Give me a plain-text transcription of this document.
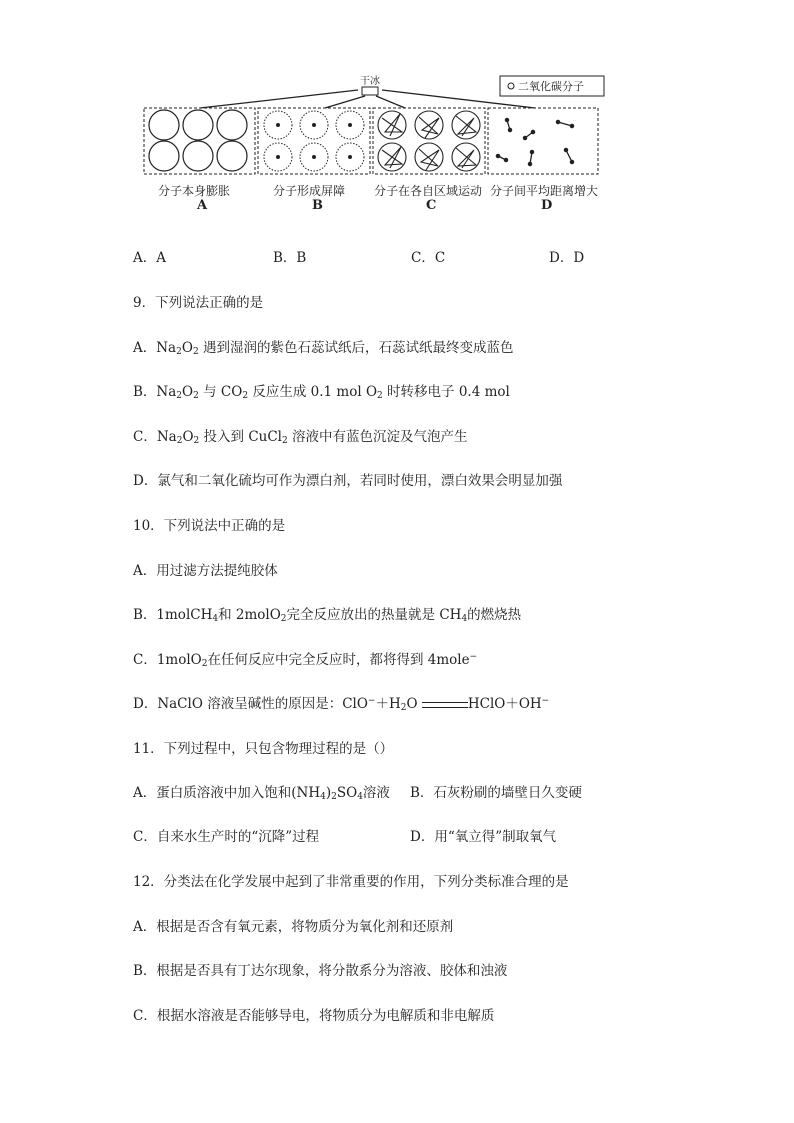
干冰	二氧化碳分子
分子本身膨胀
A
分子形成屏障
B
分子在各自区域运动
C
分子间平均距离增大
D
A．A	B．B	C．C	D．D
9．下列说法正确的是
A．$Na_2O_2$ 遇到湿润的紫色石蕊试纸后，石蕊试纸最终变成蓝色
B．$Na_2O_2$ 与 $CO_2$ 反应生成 0.1 mol $O_2$ 时转移电子 0.4 mol
C．$Na_2O_2$ 投入到 CuCl$_2$ 溶液中有蓝色沉淀及气泡产生
D．氯气和二氧化硫均可作为漂白剂，若同时使用，漂白效果会明显加强
10．下列说法中正确的是
A．用过滤方法提纯胶体
B．1molCH$_4$和 2molO$_2$完全反应放出的热量就是 $CH_4$的燃烧热
C．1molO$_2$在任何反应中完全反应时，都将得到 4mole−
D．NaClO 溶液呈碱性的原因是：$ClO^-+H_2O$	HClO＋OH−
11．下列过程中，只包含物理过程的是（）
A．蛋白质溶液中加入饱和$(NH_4)_2SO_4$溶液 B．石灰粉刷的墙壁日久变硬
C．自来水生产时的“沉降”过程	D．用“氧立得”制取氧气
12．分类法在化学发展中起到了非常重要的作用，下列分类标准合理的是
A．根据是否含有氧元素，将物质分为氧化剂和还原剂
B．根据是否具有丁达尔现象，将分散系分为溶液、胶体和浊液
C．根据水溶液是否能够导电，将物质分为电解质和非电解质
